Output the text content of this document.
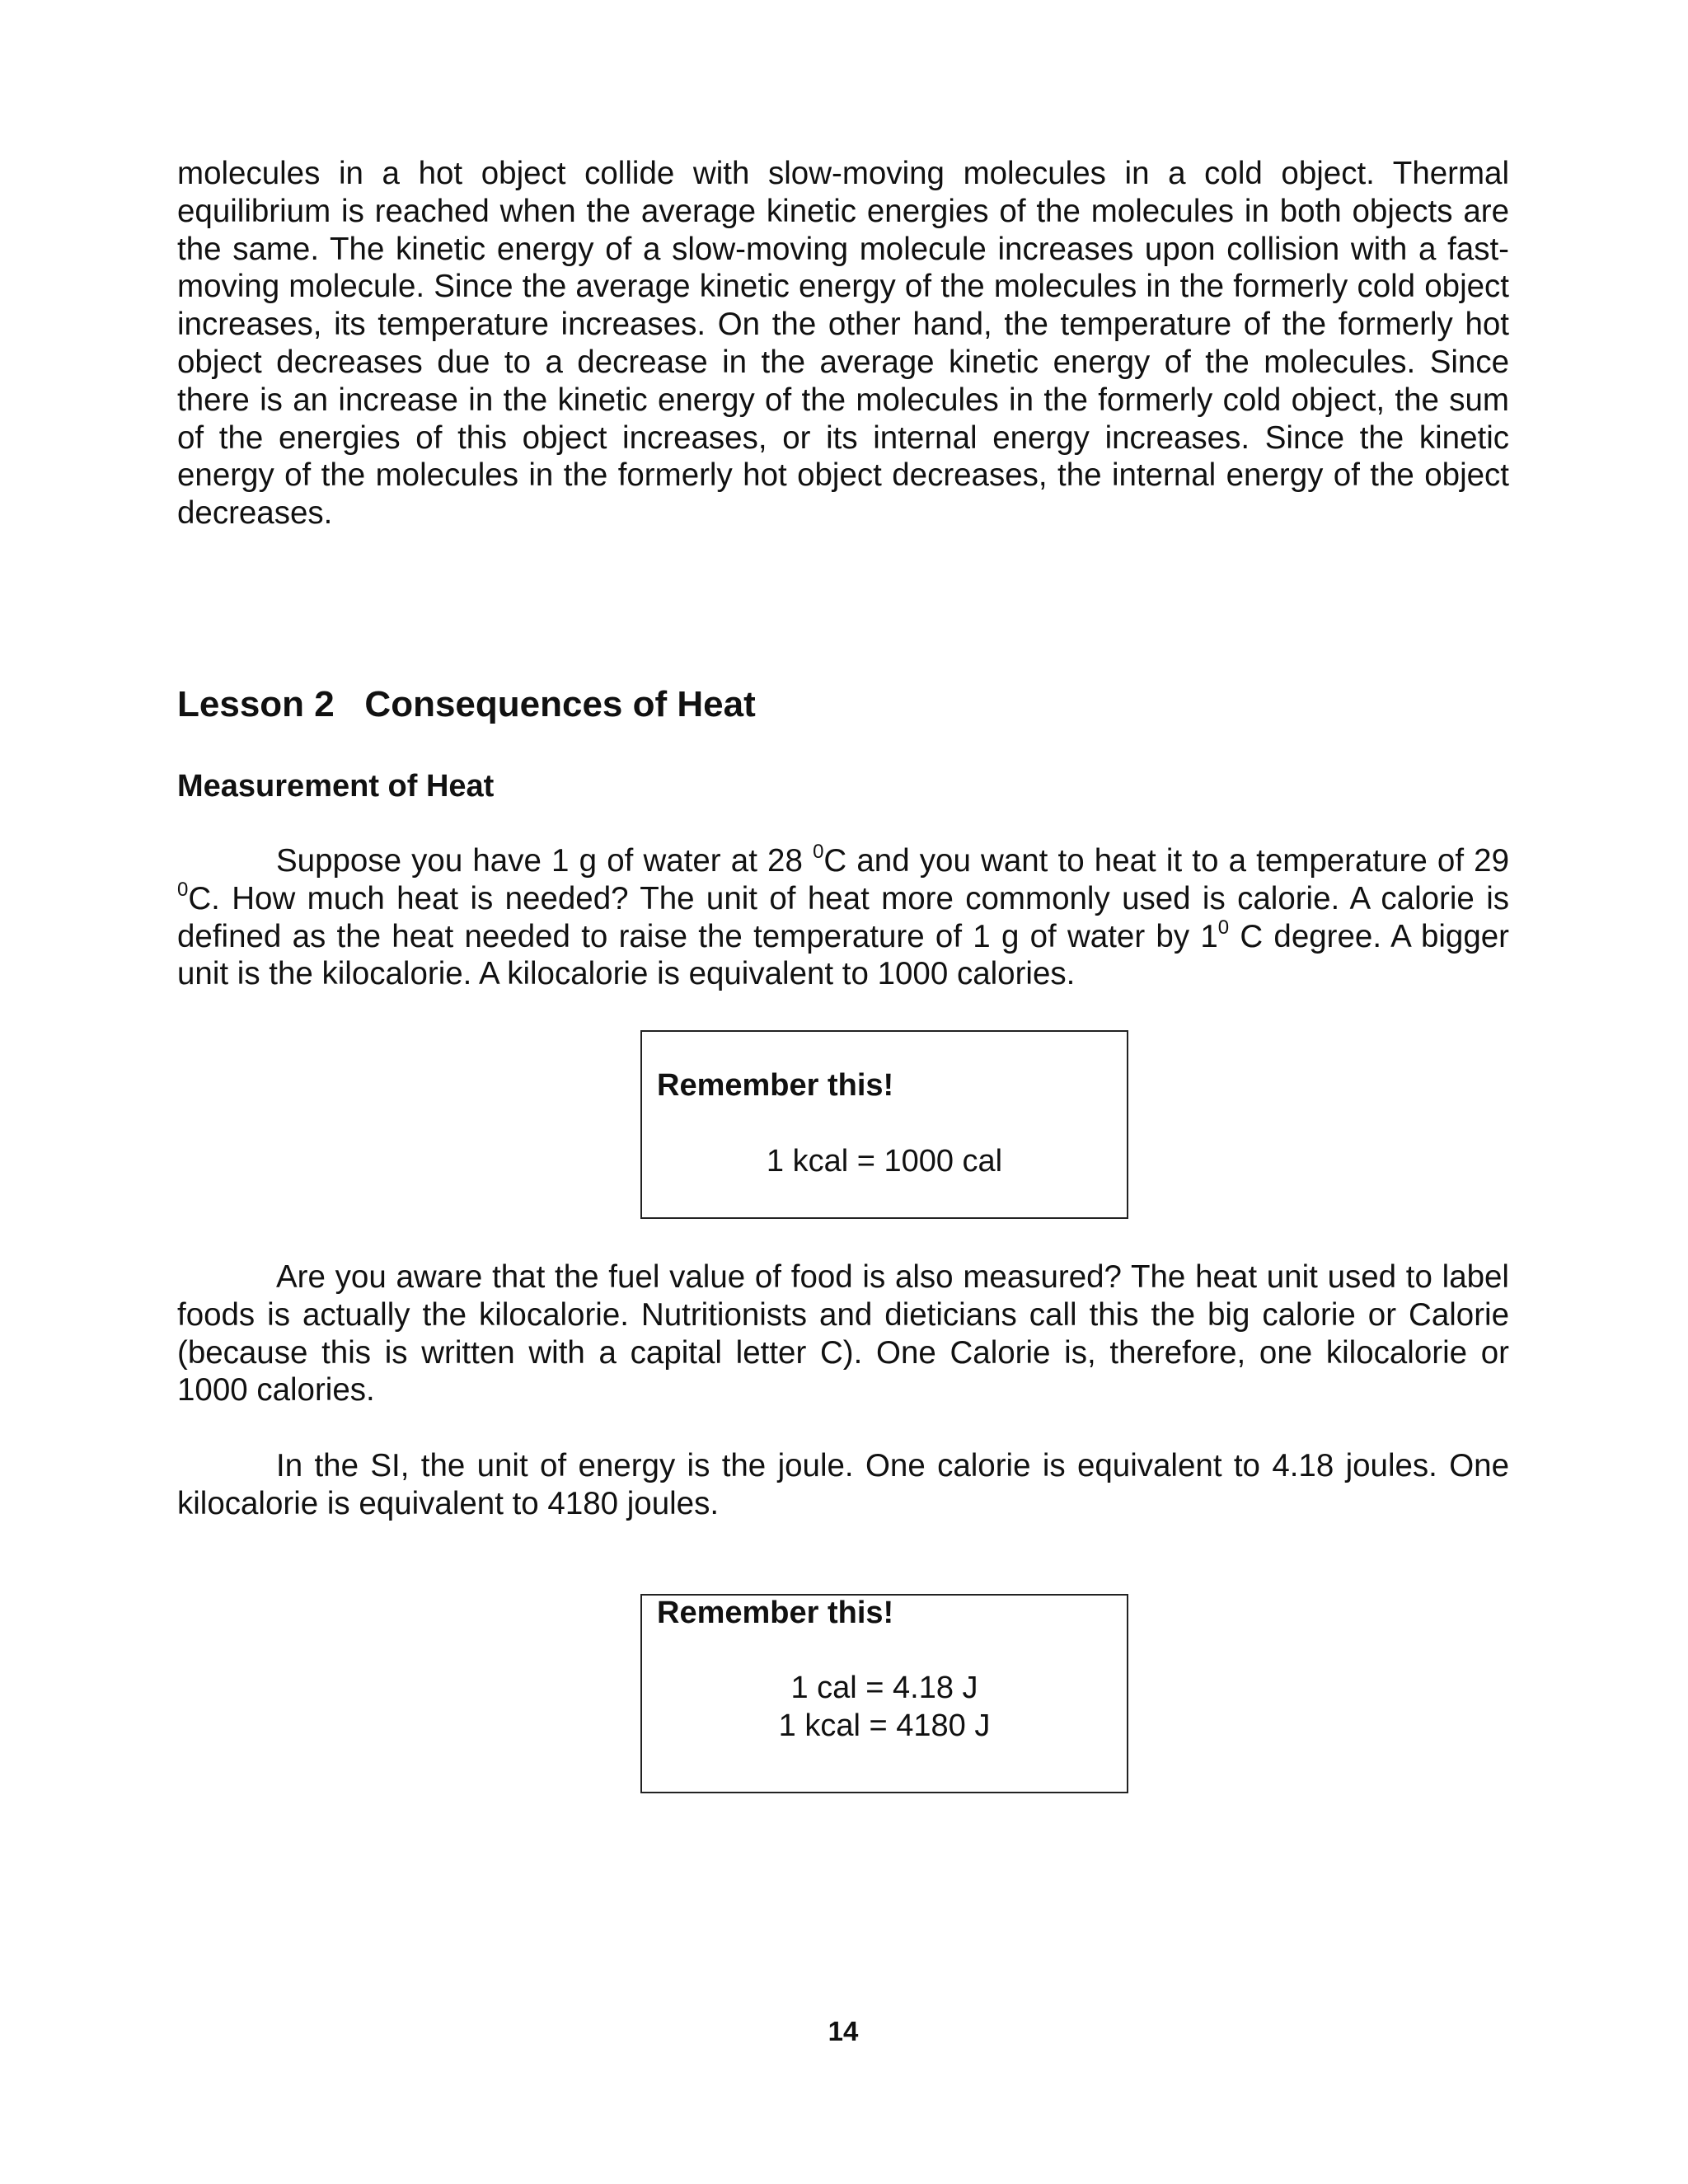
molecules in a hot object collide with slow-moving molecules in a cold object. Thermal equilibrium is reached when the average kinetic energies of the molecules in both objects are the same. The kinetic energy of a slow-moving molecule increases upon collision with a fast-moving molecule. Since the average kinetic energy of the molecules in the formerly cold object increases, its temperature increases. On the other hand, the temperature of the formerly hot object decreases due to a decrease in the average kinetic energy of the molecules. Since there is an increase in the kinetic energy of the molecules in the formerly cold object, the sum of the energies of this object increases, or its internal energy increases. Since the kinetic energy of the molecules in the formerly hot object decreases, the internal energy of the object decreases.

Lesson 2   Consequences of Heat
Measurement of Heat

Suppose you have 1 g of water at 28 $^0$C and you want to heat it to a temperature of 29 $^0$C. How much heat is needed? The unit of heat more commonly used is calorie. A calorie is defined as the heat needed to raise the temperature of 1 g of water by $1^0$ C degree. A bigger unit is the kilocalorie. A kilocalorie is equivalent to 1000 calories.

Remember this!

1 kcal = 1000 cal

Are you aware that the fuel value of food is also measured? The heat unit used to label foods is actually the kilocalorie. Nutritionists and dieticians call this the big calorie or Calorie (because this is written with a capital letter C). One Calorie is, therefore, one kilocalorie or 1000 calories.

In the SI, the unit of energy is the joule. One calorie is equivalent to 4.18 joules. One kilocalorie is equivalent to 4180 joules.

Remember this!

1 cal = 4.18 J
1 kcal = 4180 J
14
